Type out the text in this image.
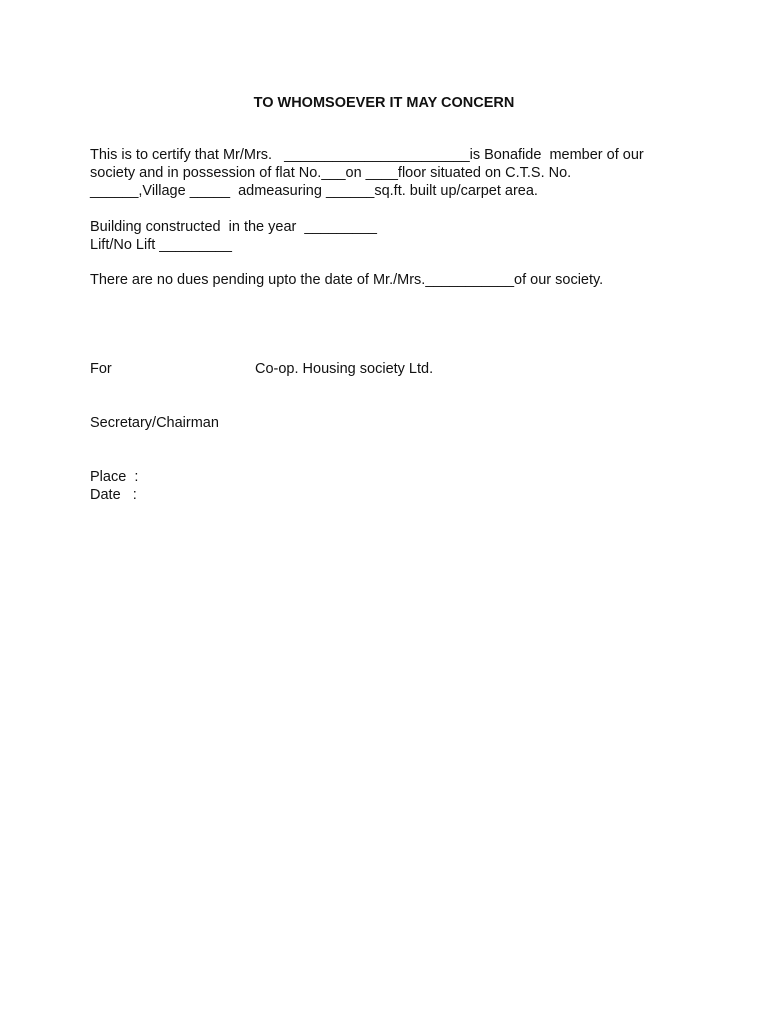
TO WHOMSOEVER IT MAY CONCERN
This is to certify that Mr/Mrs.   _______________________is Bonafide  member of our
society and in possession of flat No.___on ____floor situated on C.T.S. No.
______,Village _____  admeasuring ______sq.ft. built up/carpet area.
Building constructed  in the year  _________
Lift/No Lift _________
There are no dues pending upto the date of Mr./Mrs.___________of our society.
For	Co-op. Housing society Ltd.
Secretary/Chairman
Place  :
Date   :
